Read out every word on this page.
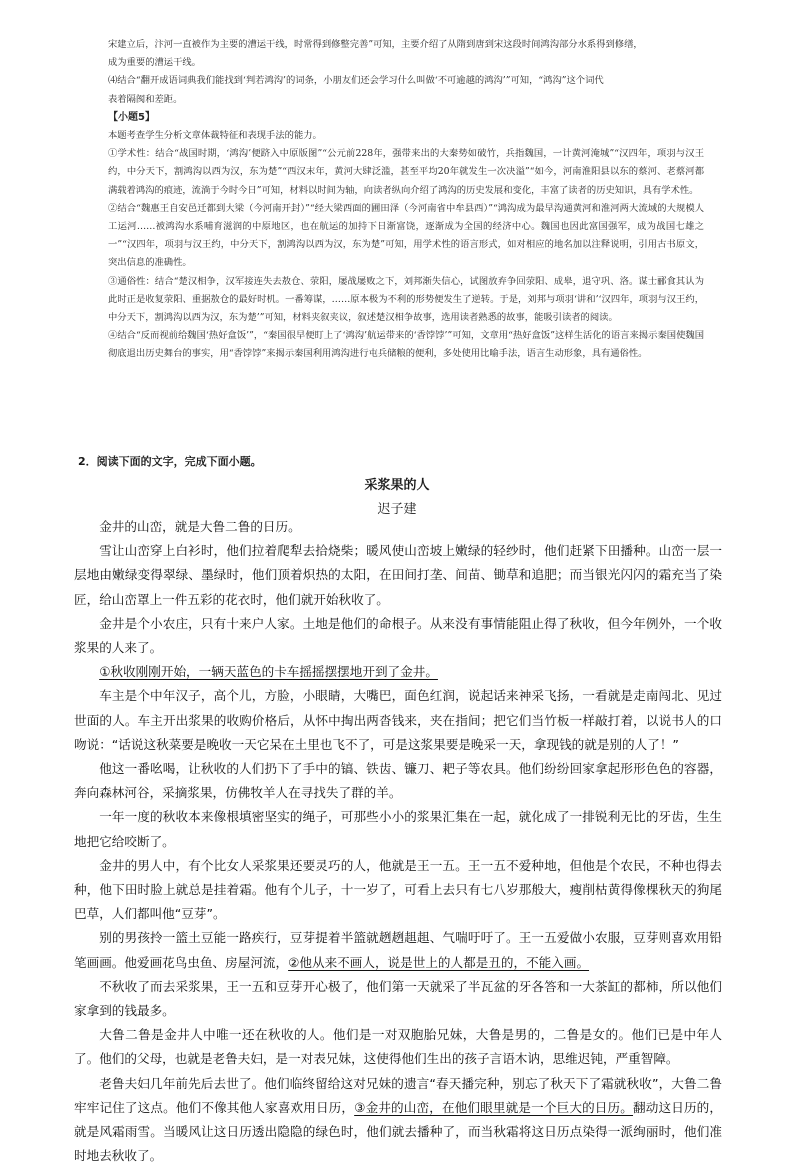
宋建立后，汴河一直被作为主要的漕运干线，时常得到修整完善”可知，主要介绍了从隋到唐到宋这段时间鸿沟部分水系得到修缮，

成为重要的漕运干线。

⑷结合“翻开成语词典我们能找到‘判若鸿沟’的词条，小朋友们还会学习什么叫做‘不可逾越的鸿沟’”可知，“鸿沟”这个词代

表着隔阂和差距。

【小题5】

本题考查学生分析文章体裁特征和表现手法的能力。

①学术性：结合“战国时期，‘鸿沟’便跻入中原版图”“公元前228年，强带来出的大秦势如破竹，兵指魏国，一计黄河淹城”“汉四年，项羽与汉王约，中分天下，割鸿沟以西为汉，东为楚”“西汉末年，黄河大肆泛滥，甚至平均20年就发生一次决溢”“如今，河南淮阳县以东的蔡河、老蔡河都满载着鸿沟的痕迹，流淌于今时今日”可知，材料以时间为轴，向读者纵向介绍了鸿沟的历史发展和变化，丰富了读者的历史知识，具有学术性。

②结合“魏惠王自安邑迁都到大梁（今河南开封）”“经大梁西面的圃田泽（今河南省中牟县西）”“鸿沟成为最早沟通黄河和淮河两大流域的大规模人工运河……被鸿沟水系哺育滋润的中原地区，也在航运的加持下日渐富饶，逐渐成为全国的经济中心。魏国也因此富国强军，成为战国七雄之一”“汉四年，项羽与汉王约，中分天下，割鸿沟以西为汉，东为楚”可知，用学术性的语言形式，如对相应的地名加以注释说明，引用古书原文，突出信息的准确性。

③通俗性：结合“楚汉相争，汉军接连失去敖仓、荥阳，屡战屡败之下，刘邦渐失信心，试图放弃争回荥阳、成皋，退守巩、洛。谋士郦食其认为此时正是收复荥阳、重据敖仓的最好时机。一番筹谋，……原本极为不利的形势便发生了逆转。于是，刘邦与项羽‘讲和’‘汉四年，项羽与汉王约，中分天下，割鸿沟以西为汉，东为楚’”可知，材料夹叙夹议，叙述楚汉相争故事，选用读者熟悉的故事，能吸引读者的阅读。

④结合“反而视前给魏国‘热好盒饭’”，“秦国很早便盯上了‘鸿沟’航运带来的‘香饽饽’”可知，文章用“热好盒饭”这样生活化的语言来揭示秦国使魏国彻底退出历史舞台的事实，用“香饽饽”来揭示秦国利用鸿沟进行屯兵储粮的便利，多处使用比喻手法，语言生动形象，具有通俗性。

2．阅读下面的文字，完成下面小题。
采浆果的人
迟子建

金井的山峦，就是大鲁二鲁的日历。

雪让山峦穿上白衫时，他们拉着爬犁去拾烧柴；暖风使山峦坡上嫩绿的轻纱时，他们赶紧下田播种。山峦一层一层地由嫩绿变得翠绿、墨绿时，他们顶着炽热的太阳，在田间打垄、间苗、锄草和追肥；而当银光闪闪的霜充当了染匠，给山峦罩上一件五彩的花衣时，他们就开始秋收了。

金井是个小农庄，只有十来户人家。土地是他们的命根子。从来没有事情能阻止得了秋收，但今年例外，一个收浆果的人来了。

①秋收刚刚开始，一辆天蓝色的卡车摇摇摆摆地开到了金井。

车主是个中年汉子，高个儿，方脸，小眼睛，大嘴巴，面色红润，说起话来神采飞扬，一看就是走南闯北、见过世面的人。车主开出浆果的收购价格后，从怀中掏出两沓钱来，夹在指间；把它们当竹板一样敲打着，以说书人的口吻说：“话说这秋菜要是晚收一天它呆在土里也飞不了，可是这浆果要是晚采一天，拿现钱的就是别的人了！”

他这一番吆喝，让秋收的人们扔下了手中的镐、铁齿、镰刀、耙子等农具。他们纷纷回家拿起形形色色的容器，奔向森林河谷，采摘浆果，仿佛牧羊人在寻找失了群的羊。

一年一度的秋收本来像根填密坚实的绳子，可那些小小的浆果汇集在一起，就化成了一排锐利无比的牙齿，生生地把它给咬断了。

金井的男人中，有个比女人采浆果还要灵巧的人，他就是王一五。王一五不爱种地，但他是个农民，不种也得去种，他下田时脸上就总是挂着霜。他有个儿子，十一岁了，可看上去只有七八岁那般大，瘦削枯黄得像棵秋天的狗尾巴草，人们都叫他“豆芽”。

别的男孩拎一篮土豆能一路疾行，豆芽提着半篮就趔趔趄趄、气喘吁吁了。王一五爱做小农服，豆芽则喜欢用铅笔画画。他爱画花鸟虫鱼、房屋河流，②他从来不画人，说是世上的人都是丑的，不能入画。

不秋收了而去采浆果，王一五和豆芽开心极了，他们第一天就采了半瓦盆的牙各答和一大茶缸的都柿，所以他们家拿到的钱最多。

大鲁二鲁是金井人中唯一还在秋收的人。他们是一对双胞胎兄妹，大鲁是男的，二鲁是女的。他们已是中年人了。他们的父母，也就是老鲁夫妇，是一对表兄妹，这使得他们生出的孩子言语木讷，思维迟钝，严重智障。

老鲁夫妇几年前先后去世了。他们临终留给这对兄妹的遗言“春天播完种，别忘了秋天下了霜就秋收”，大鲁二鲁牢牢记住了这点。他们不像其他人家喜欢用日历，③金井的山峦，在他们眼里就是一个巨大的日历。翻动这日历的，就是风霜雨雪。当暖风让这日历透出隐隐的绿色时，他们就去播种了，而当秋霜将这日历点染得一派绚丽时，他们准时地去秋收了。
